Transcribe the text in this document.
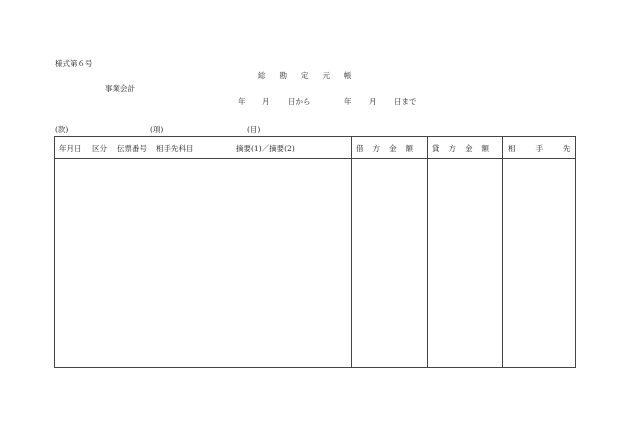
様式第６号
総勘定元帳
事業会計
年 月 日から	年 月 日まで
(款)	(項)	(目)
年月日 区分 伝票番号 相手先科目	摘要(1)／摘要(2)	借方金額 貸方金額 相手先
